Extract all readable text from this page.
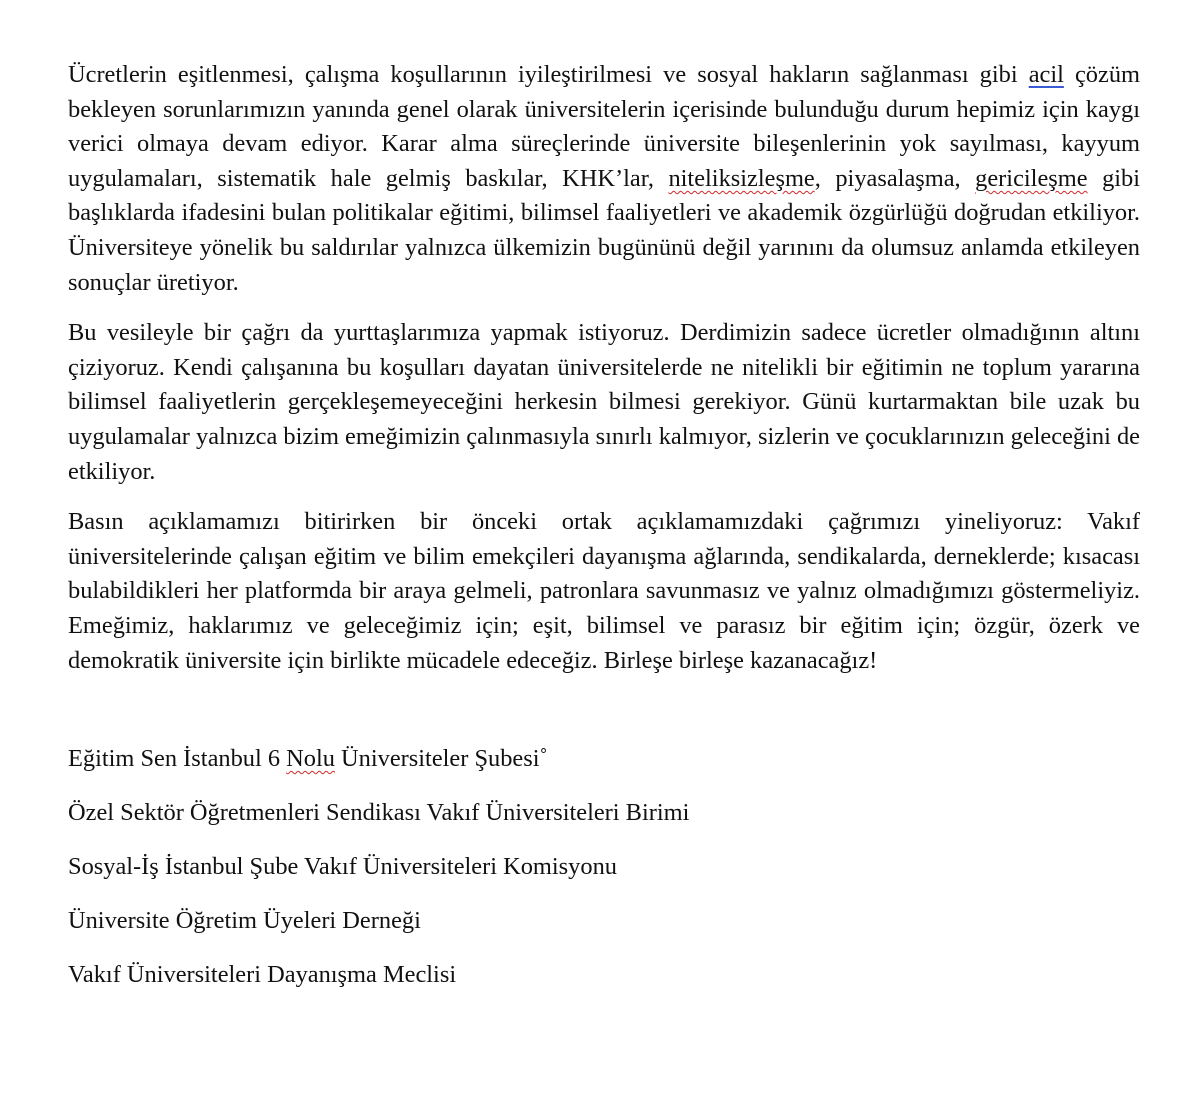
Ücretlerin eşitlenmesi, çalışma koşullarının iyileştirilmesi ve sosyal hakların sağlanması gibi acil çözüm bekleyen sorunlarımızın yanında genel olarak üniversitelerin içerisinde bulunduğu durum hepimiz için kaygı verici olmaya devam ediyor. Karar alma süreçlerinde üniversite bileşenlerinin yok sayılması, kayyum uygulamaları, sistematik hale gelmiş baskılar, KHK’lar, niteliksizleşme, piyasalaşma, gericileşme gibi başlıklarda ifadesini bulan politikalar eğitimi, bilimsel faaliyetleri ve akademik özgürlüğü doğrudan etkiliyor. Üniversiteye yönelik bu saldırılar yalnızca ülkemizin bugününü değil yarınını da olumsuz anlamda etkileyen sonuçlar üretiyor.

Bu vesileyle bir çağrı da yurttaşlarımıza yapmak istiyoruz. Derdimizin sadece ücretler olmadığının altını çiziyoruz. Kendi çalışanına bu koşulları dayatan üniversitelerde ne nitelikli bir eğitimin ne toplum yararına bilimsel faaliyetlerin gerçekleşemeyeceğini herkesin bilmesi gerekiyor. Günü kurtarmaktan bile uzak bu uygulamalar yalnızca bizim emeğimizin çalınmasıyla sınırlı kalmıyor, sizlerin ve çocuklarınızın geleceğini de etkiliyor.

Basın açıklamamızı bitirirken bir önceki ortak açıklamamızdaki çağrımızı yineliyoruz: Vakıf üniversitelerinde çalışan eğitim ve bilim emekçileri dayanışma ağlarında, sendikalarda, derneklerde; kısacası bulabildikleri her platformda bir araya gelmeli, patronlara savunmasız ve yalnız olmadığımızı göstermeliyiz. Emeğimiz, haklarımız ve geleceğimiz için; eşit, bilimsel ve parasız bir eğitim için; özgür, özerk ve demokratik üniversite için birlikte mücadele edeceğiz. Birleşe birleşe kazanacağız!

Eğitim Sen İstanbul 6 Nolu Üniversiteler Şubesi˚

Özel Sektör Öğretmenleri Sendikası Vakıf Üniversiteleri Birimi

Sosyal-İş İstanbul Şube Vakıf Üniversiteleri Komisyonu

Üniversite Öğretim Üyeleri Derneği

Vakıf Üniversiteleri Dayanışma Meclisi
